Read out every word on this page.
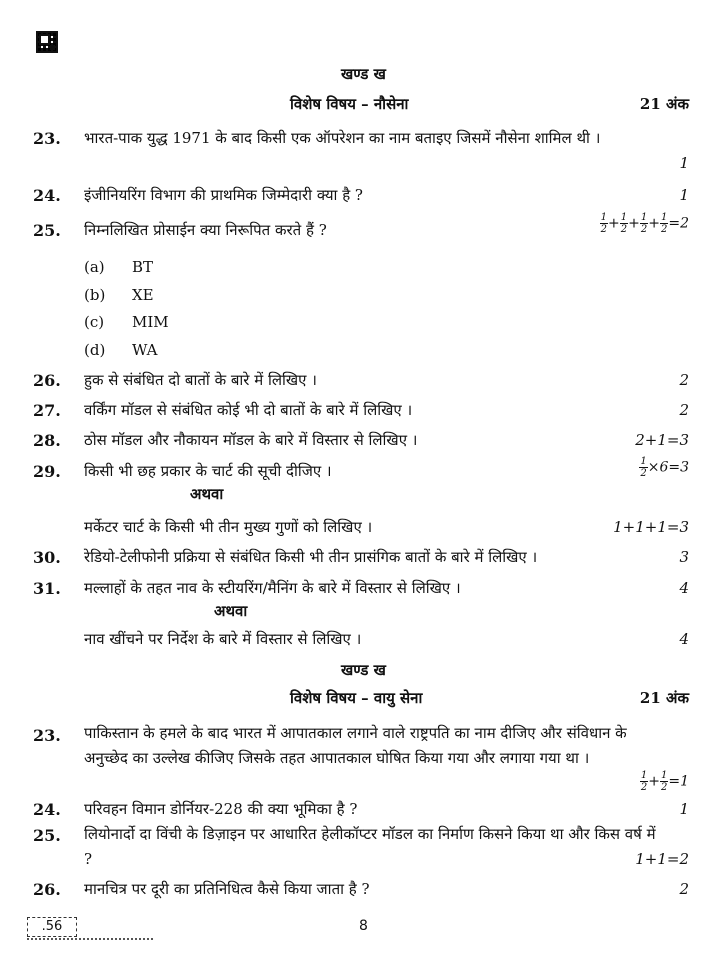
खण्ड ख
विशेष विषय – नौसेना	21 अंक
23. भारत-पाक युद्ध 1971 के बाद किसी एक ऑपरेशन का नाम बताइए जिसमें नौसेना शामिल थी ।
1
24. इंजीनियरिंग विभाग की प्राथमिक जिम्मेदारी क्या है ?	1
25. निम्नलिखित प्रोसाईन क्या निरूपित करते हैं ?	$\frac{1}{2} + \frac{1}{2} + \frac{1}{2} + \frac{1}{2} =2$
(a) BT
(b) XE
(c) MIM
(d) WA
26. हुक से संबंधित दो बातों के बारे में लिखिए ।	2
27. वर्किंग मॉडल से संबंधित कोई भी दो बातों के बारे में लिखिए ।	2
28. ठोस मॉडल और नौकायन मॉडल के बारे में विस्तार से लिखिए ।	2+1=3
29. किसी भी छह प्रकार के चार्ट की सूची दीजिए ।	$\frac{1}{2} \times 6=3$
अथवा
मर्केटर चार्ट के किसी भी तीन मुख्य गुणों को लिखिए ।	1+1+1=3
30. रेडियो-टेलीफोनी प्रक्रिया से संबंधित किसी भी तीन प्रासंगिक बातों के बारे में लिखिए ।	3
31. मल्लाहों के तहत नाव के स्टीयरिंग/मैनिंग के बारे में विस्तार से लिखिए ।	4
अथवा
नाव खींचने पर निर्देश के बारे में विस्तार से लिखिए ।	4
खण्ड ख
विशेष विषय – वायु सेना	21 अंक
23. पाकिस्तान के हमले के बाद भारत में आपातकाल लगाने वाले राष्ट्रपति का नाम दीजिए और संविधान के अनुच्छेद का उल्लेख कीजिए जिसके तहत आपातकाल घोषित किया गया और लगाया गया था ।
$\frac{1}{2} + \frac{1}{2} =1$
24. परिवहन विमान डोर्नियर-228 की क्या भूमिका है ?	1
25. लियोनार्दो दा विंची के डिज़ाइन पर आधारित हेलीकॉप्टर मॉडल का निर्माण किसने किया था और किस वर्ष में ?	1+1=2
26. मानचित्र पर दूरी का प्रतिनिधित्व कैसे किया जाता है ?	2
.56	8
